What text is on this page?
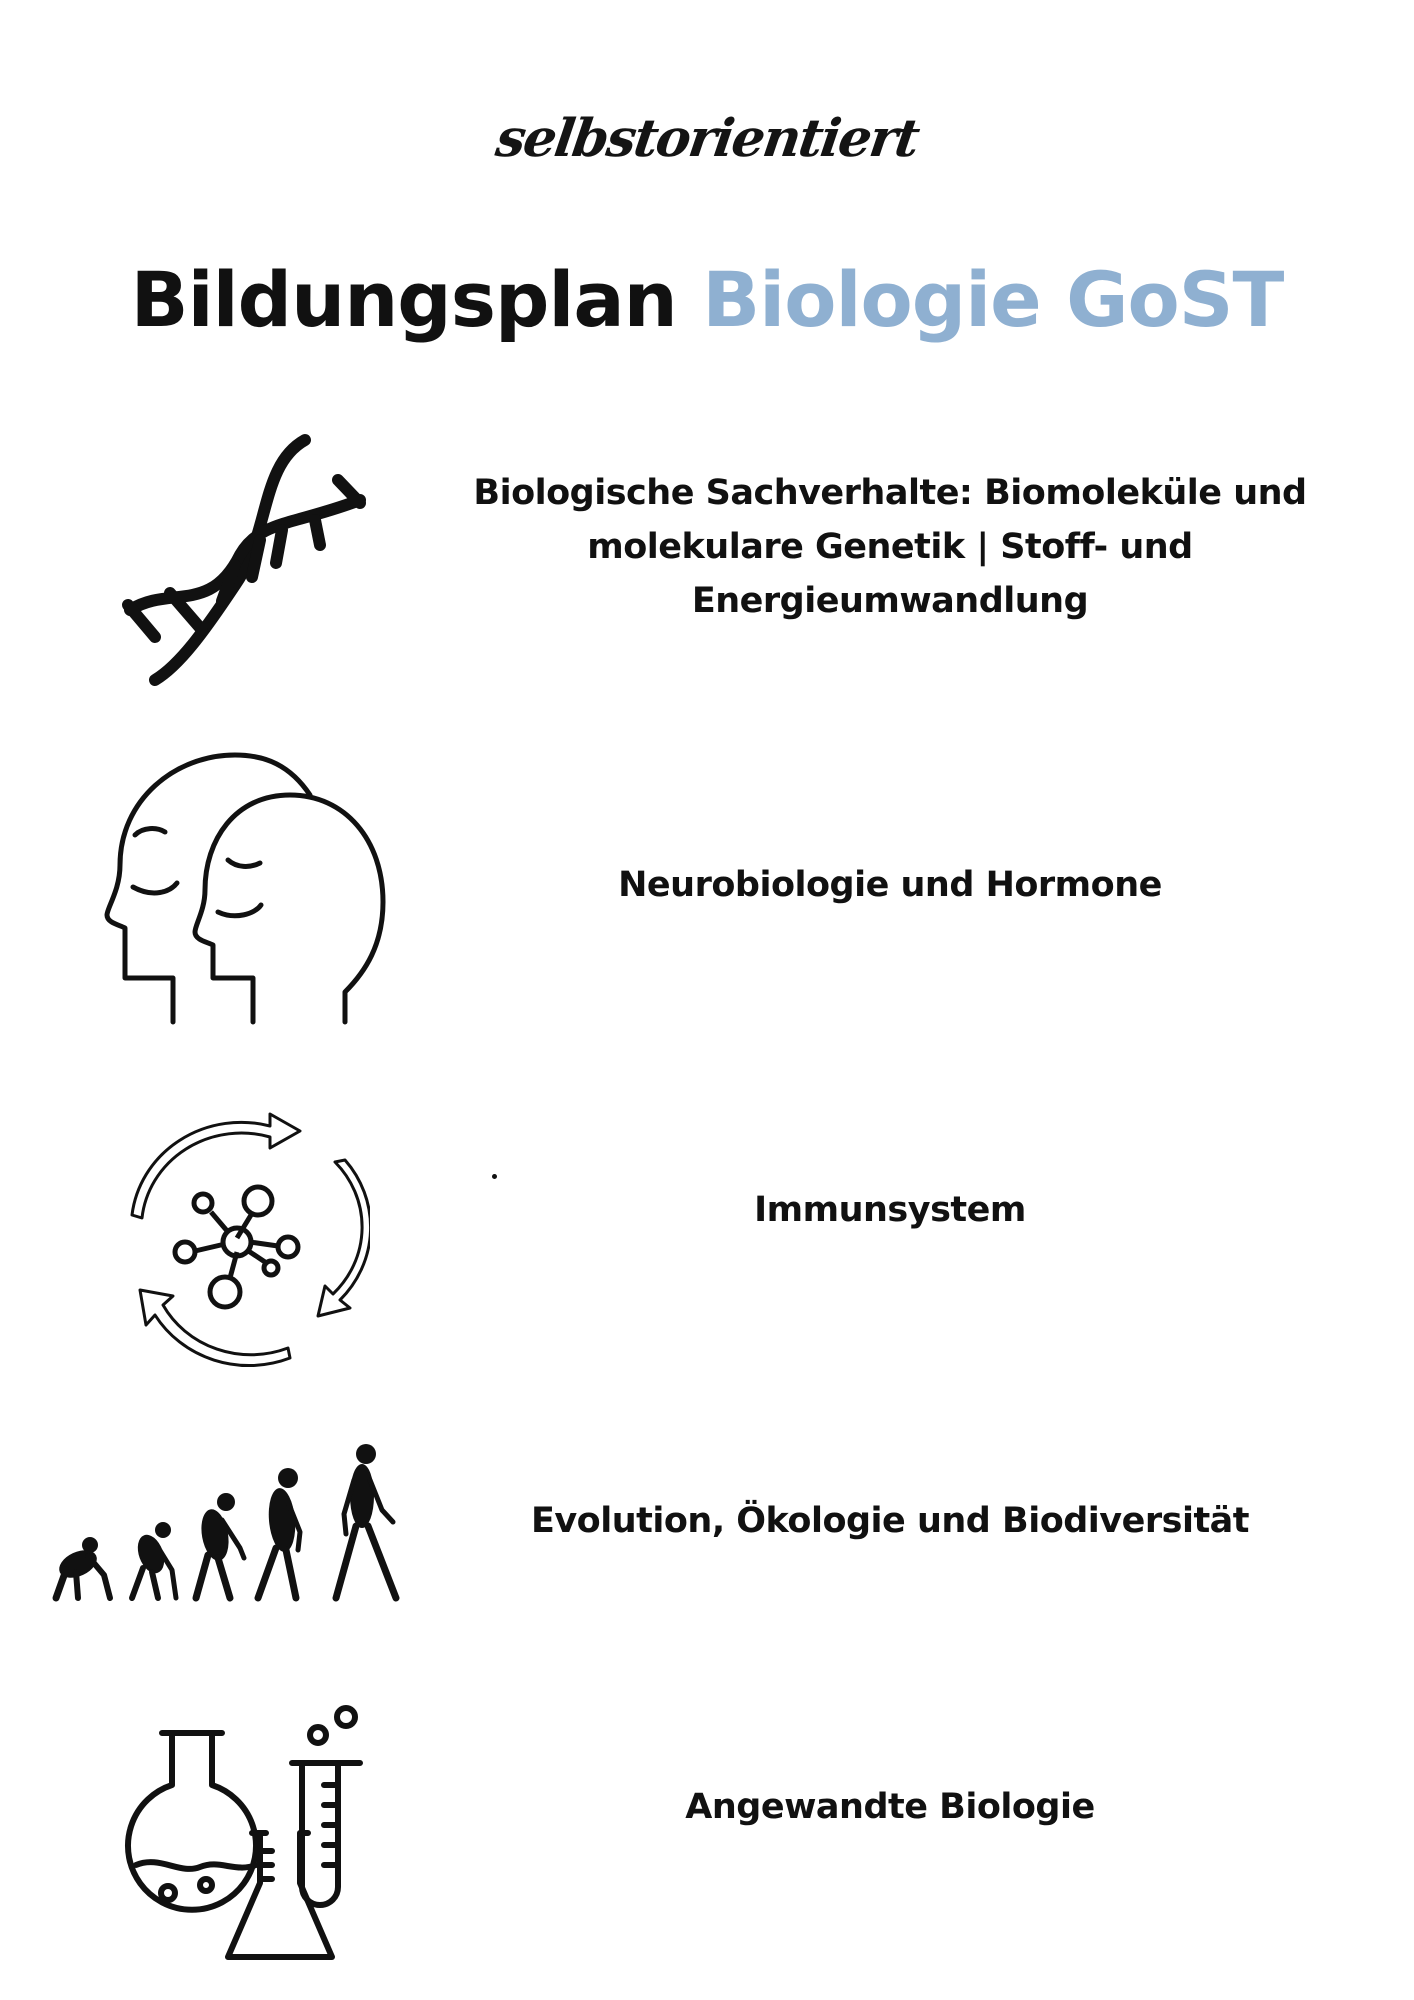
selbstorientiert
Bildungsplan Biologie GoST

Biologische Sachverhalte: Biomoleküle und molekulare Genetik | Stoff- und Energieumwandlung

Neurobiologie und Hormone

Immunsystem

Evolution, Ökologie und Biodiversität

Angewandte Biologie
